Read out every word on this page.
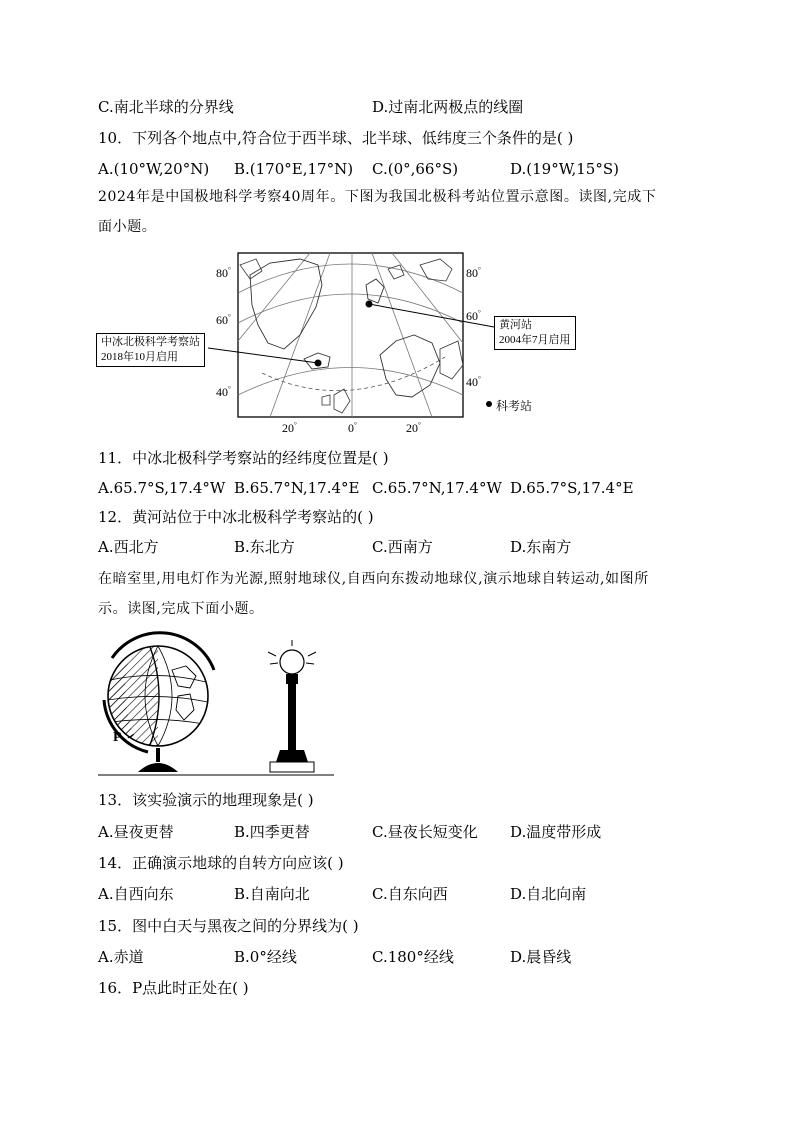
C.南北半球的分界线	D.过南北两极点的线圈
10．下列各个地点中,符合位于西半球、北半球、低纬度三个条件的是( )
A.(10°W,20°N) B.(170°E,17°N) C.(0°,66°S)	D.(19°W,15°S)
2024年是中国极地科学考察40周年。下图为我国北极科考站位置示意图。读图,完成下
面小题。
80°
60°
40°
80°
60°
40°
20°	0°	20°
中冰北极科学考察站
2018年10月启用
黄河站
2004年7月启用
科考站
11．中冰北极科学考察站的经纬度位置是( )
A.65.7°S,17.4°W B.65.7°N,17.4°E C.65.7°N,17.4°W D.65.7°S,17.4°E
12．黄河站位于中冰北极科学考察站的( )
A.西北方	B.东北方	C.西南方	D.东南方
在暗室里,用电灯作为光源,照射地球仪,自西向东拨动地球仪,演示地球自转运动,如图所
示。读图,完成下面小题。
P
13．该实验演示的地理现象是( )
A.昼夜更替	B.四季更替	C.昼夜长短变化 D.温度带形成
14．正确演示地球的自转方向应该( )
A.自西向东	B.自南向北	C.自东向西	D.自北向南
15．图中白天与黑夜之间的分界线为( )
A.赤道	B.0°经线	C.180°经线	D.晨昏线
16．P点此时正处在( )
